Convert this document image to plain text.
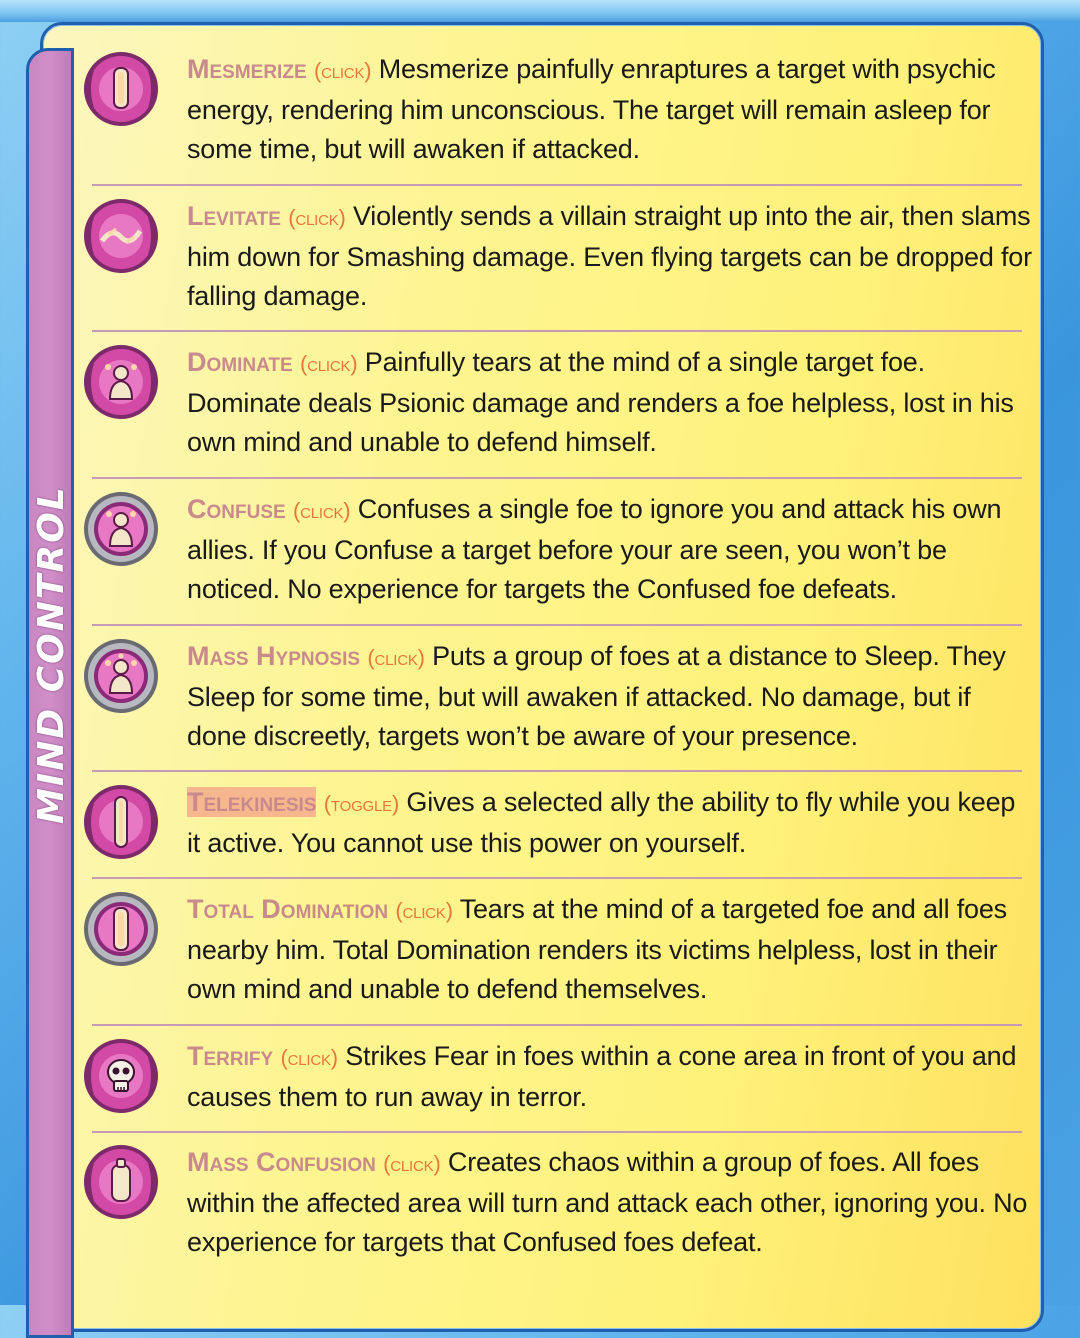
MIND CONTROL
Mesmerize (click) Mesmerize painfully enraptures a target with psychic energy, rendering him unconscious. The target will remain asleep for some time, but will awaken if attacked.
Levitate (click) Violently sends a villain straight up into the air, then slams him down for Smashing damage. Even flying targets can be dropped for falling damage.
Dominate (click) Painfully tears at the mind of a single target foe. Dominate deals Psionic damage and renders a foe helpless, lost in his own mind and unable to defend himself.
Confuse (click) Confuses a single foe to ignore you and attack his own allies. If you Confuse a target before your are seen, you won’t be noticed. No experience for targets the Confused foe defeats.
Mass Hypnosis (click) Puts a group of foes at a distance to Sleep. They Sleep for some time, but will awaken if attacked. No damage, but if done discreetly, targets won’t be aware of your presence.
Telekinesis (toggle) Gives a selected ally the ability to fly while you keep it active. You cannot use this power on yourself.
Total Domination (click) Tears at the mind of a targeted foe and all foes nearby him. Total Domination renders its victims helpless, lost in their own mind and unable to defend themselves.
Terrify (click) Strikes Fear in foes within a cone area in front of you and causes them to run away in terror.
Mass Confusion (click) Creates chaos within a group of foes. All foes within the affected area will turn and attack each other, ignoring you. No experience for targets that Confused foes defeat.
